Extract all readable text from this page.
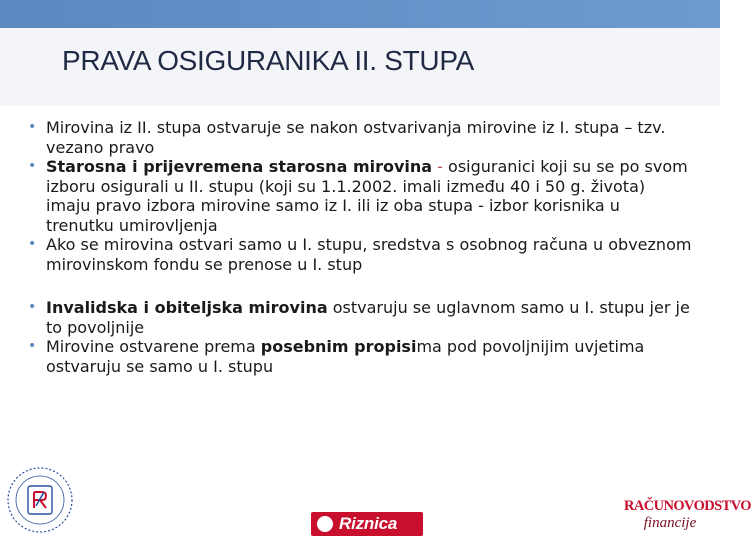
PRAVA OSIGURANIKA II. STUPA

• Mirovina iz II. stupa ostvaruje se nakon ostvarivanja mirovine iz I. stupa – tzv. vezano pravo

• Starosna i prijevremena starosna mirovina - osiguranici koji su se po svom izboru osigurali u II. stupu (koji su 1.1.2002. imali između 40 i 50 g. života) imaju pravo izbora mirovine samo iz I. ili iz oba stupa - izbor korisnika u trenutku umirovljenja

• Ako se mirovina ostvari samo u I. stupu, sredstva s osobnog računa u obveznom mirovinskom fondu se prenose u I. stup

• Invalidska i obiteljska mirovina ostvaruju se uglavnom samo u I. stupu jer je to povoljnije

• Mirovine ostvarene prema posebnim propisima pod povoljnijim uvjetima ostvaruju se samo u I. stupu

Riznica
RAČUNOVODSTVO
financije
